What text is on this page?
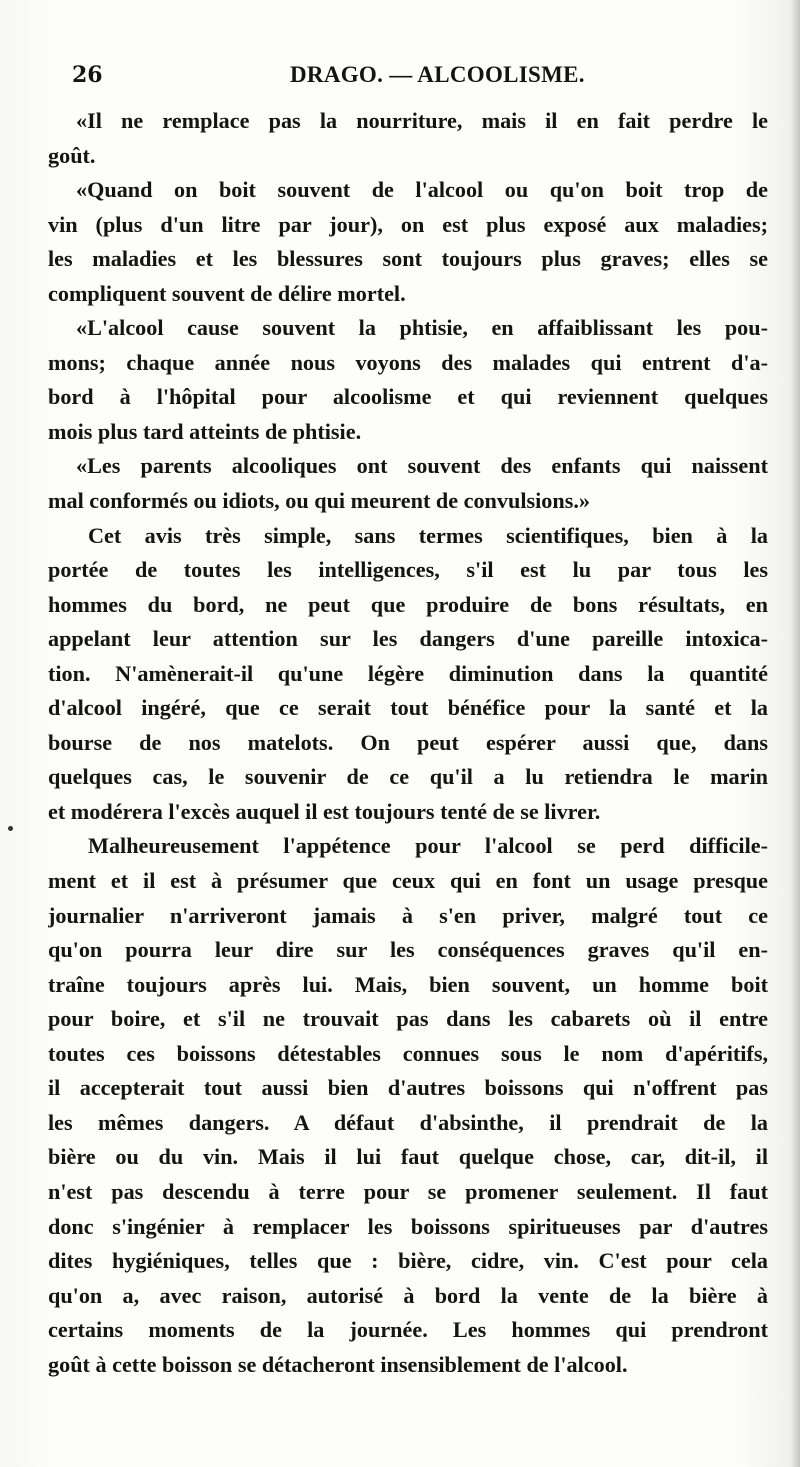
26	DRAGO. — ALCOOLISME.
«Il ne remplace pas la nourriture, mais il en fait perdre le
goût.
«Quand on boit souvent de l'alcool ou qu'on boit trop de
vin (plus d'un litre par jour), on est plus exposé aux maladies;
les maladies et les blessures sont toujours plus graves; elles se
compliquent souvent de délire mortel.
«L'alcool cause souvent la phtisie, en affaiblissant les pou-
mons; chaque année nous voyons des malades qui entrent d'a-
bord à l'hôpital pour alcoolisme et qui reviennent quelques
mois plus tard atteints de phtisie.
«Les parents alcooliques ont souvent des enfants qui naissent
mal conformés ou idiots, ou qui meurent de convulsions.»
Cet avis très simple, sans termes scientifiques, bien à la
portée de toutes les intelligences, s'il est lu par tous les
hommes du bord, ne peut que produire de bons résultats, en
appelant leur attention sur les dangers d'une pareille intoxica-
tion. N'amènerait-il qu'une légère diminution dans la quantité
d'alcool ingéré, que ce serait tout bénéfice pour la santé et la
bourse de nos matelots. On peut espérer aussi que, dans
quelques cas, le souvenir de ce qu'il a lu retiendra le marin
et modérera l'excès auquel il est toujours tenté de se livrer.
Malheureusement l'appétence pour l'alcool se perd difficile-
ment et il est à présumer que ceux qui en font un usage presque
journalier n'arriveront jamais à s'en priver, malgré tout ce
qu'on pourra leur dire sur les conséquences graves qu'il en-
traîne toujours après lui. Mais, bien souvent, un homme boit
pour boire, et s'il ne trouvait pas dans les cabarets où il entre
toutes ces boissons détestables connues sous le nom d'apéritifs,
il accepterait tout aussi bien d'autres boissons qui n'offrent pas
les mêmes dangers. A défaut d'absinthe, il prendrait de la
bière ou du vin. Mais il lui faut quelque chose, car, dit-il, il
n'est pas descendu à terre pour se promener seulement. Il faut
donc s'ingénier à remplacer les boissons spiritueuses par d'autres
dites hygiéniques, telles que : bière, cidre, vin. C'est pour cela
qu'on a, avec raison, autorisé à bord la vente de la bière à
certains moments de la journée. Les hommes qui prendront
goût à cette boisson se détacheront insensiblement de l'alcool.
